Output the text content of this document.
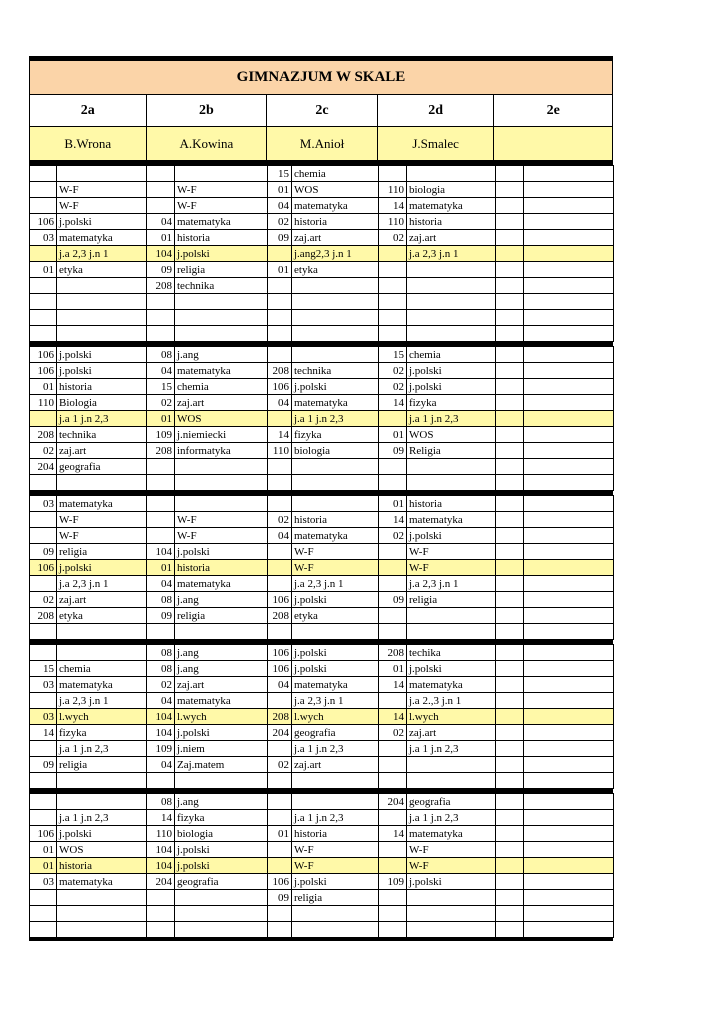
GIMNAZJUM W SKALE
2a	2b	2c	2d	2e
B.Wrona	A.Kowina	M.Anioł	J.Smalec
				15	chemia				
	W-F		W-F	01	WOS	110	biologia		
	W-F		W-F	04	matematyka	14	matematyka		
106	j.polski	04	matematyka	02	historia	110	historia		
03	matematyka	01	historia	09	zaj.art	02	zaj.art		
	j.a 2,3 j.n 1	104	j.polski		j.ang2,3 j.n 1		j.a 2,3 j.n 1		
01	etyka	09	religia	01	etyka				
		208	technika						

106	j.polski	08	j.ang			15	chemia		
106	j.polski	04	matematyka	208	technika	02	j.polski		
01	historia	15	chemia	106	j.polski	02	j.polski		
110	Biologia	02	zaj.art	04	matematyka	14	fizyka		
	j.a 1 j.n 2,3	01	WOS		j.a 1 j.n 2,3		j.a 1 j.n 2,3		
208	technika	109	j.niemiecki	14	fizyka	01	WOS		
02	zaj.art	208	informatyka	110	biologia	09	Religia		
204	geografia								

03	matematyka					01	historia		
	W-F		W-F	02	historia	14	matematyka		
	W-F		W-F	04	matematyka	02	j.polski		
09	religia	104	j.polski		W-F		W-F		
106	j.polski	01	historia		W-F		W-F		
	j.a 2,3 j.n 1	04	matematyka		j.a 2,3 j.n 1		j.a 2,3 j.n 1		
02	zaj.art	08	j.ang	106	j.polski	09	religia		
208	etyka	09	religia	208	etyka				

		08	j.ang	106	j.polski	208	techika		
15	chemia	08	j.ang	106	j.polski	01	j.polski		
03	matematyka	02	zaj.art	04	matematyka	14	matematyka		
	j.a 2,3 j.n 1	04	matematyka		j.a 2,3 j.n 1		j.a 2.,3 j.n 1		
03	l.wych	104	l.wych	208	l.wych	14	l.wych		
14	fizyka	104	j.polski	204	geografia	02	zaj.art		
	j.a 1 j.n 2,3	109	j.niem		j.a 1 j.n 2,3		j.a 1 j.n 2,3		
09	religia	04	Zaj.matem	02	zaj.art				

		08	j.ang			204	geografia		
	j.a 1 j.n 2,3	14	fizyka		j.a 1 j.n 2,3		j.a 1 j.n 2,3		
106	j.polski	110	biologia	01	historia	14	matematyka		
01	WOS	104	j.polski		W-F		W-F		
01	historia	104	j.polski		W-F		W-F		
03	matematyka	204	geografia	106	j.polski	109	j.polski		
				09	religia				
